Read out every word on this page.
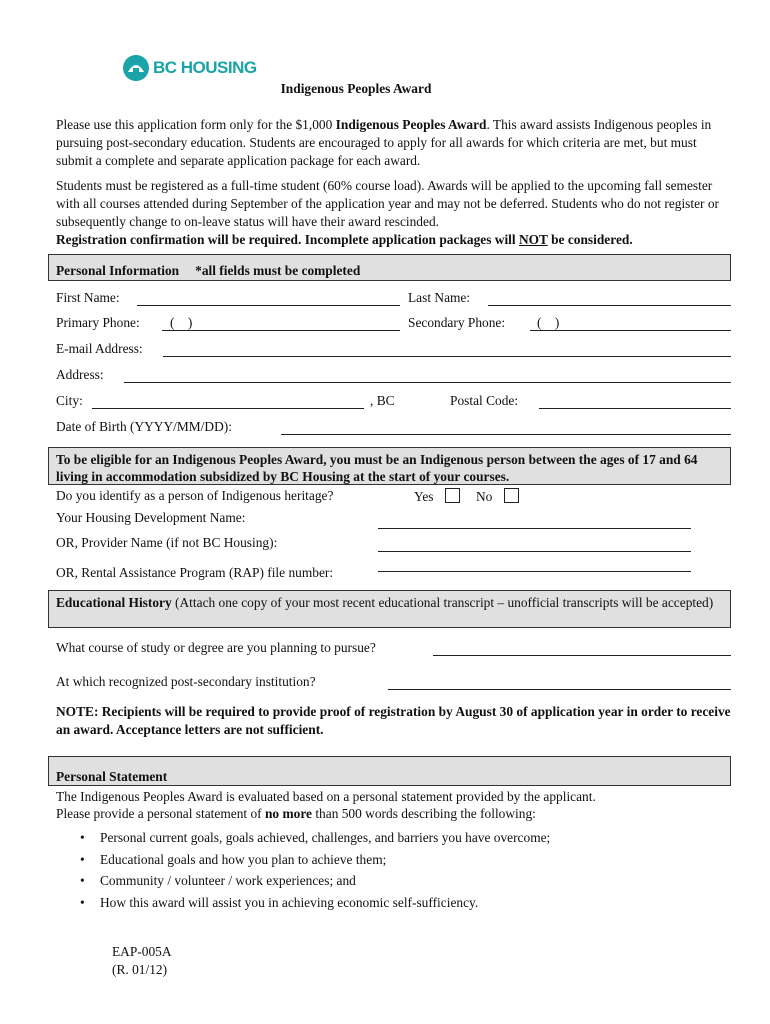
BC HOUSING
Indigenous Peoples Award
Please use this application form only for the $1,000 Indigenous Peoples Award. This award assists Indigenous peoples in pursuing post-secondary education. Students are encouraged to apply for all awards for which criteria are met, but must submit a complete and separate application package for each award.
Students must be registered as a full-time student (60% course load). Awards will be applied to the upcoming fall semester with all courses attended during September of the application year and may not be deferred. Students who do not register or subsequently change to on-leave status will have their award rescinded.
Registration confirmation will be required. Incomplete application packages will NOT be considered.
Personal Information *all fields must be completed
First Name:	Last Name:
Primary Phone: (    )	Secondary Phone: (    )
E-mail Address:
Address:
City:	, BC	Postal Code:
Date of Birth (YYYY/MM/DD):
To be eligible for an Indigenous Peoples Award, you must be an Indigenous person between the ages of 17 and 64 living in accommodation subsidized by BC Housing at the start of your courses.
Do you identify as a person of Indigenous heritage?	Yes	No
Your Housing Development Name:
OR, Provider Name (if not BC Housing):
OR, Rental Assistance Program (RAP) file number:
Educational History (Attach one copy of your most recent educational transcript – unofficial transcripts will be accepted)
What course of study or degree are you planning to pursue?
At which recognized post-secondary institution?
NOTE: Recipients will be required to provide proof of registration by August 30 of application year in order to receive an award. Acceptance letters are not sufficient.
Personal Statement
The Indigenous Peoples Award is evaluated based on a personal statement provided by the applicant.
Please provide a personal statement of no more than 500 words describing the following:
• Personal current goals, goals achieved, challenges, and barriers you have overcome;
• Educational goals and how you plan to achieve them;
• Community / volunteer / work experiences; and
• How this award will assist you in achieving economic self-sufficiency.
EAP-005A
(R. 01/12)
